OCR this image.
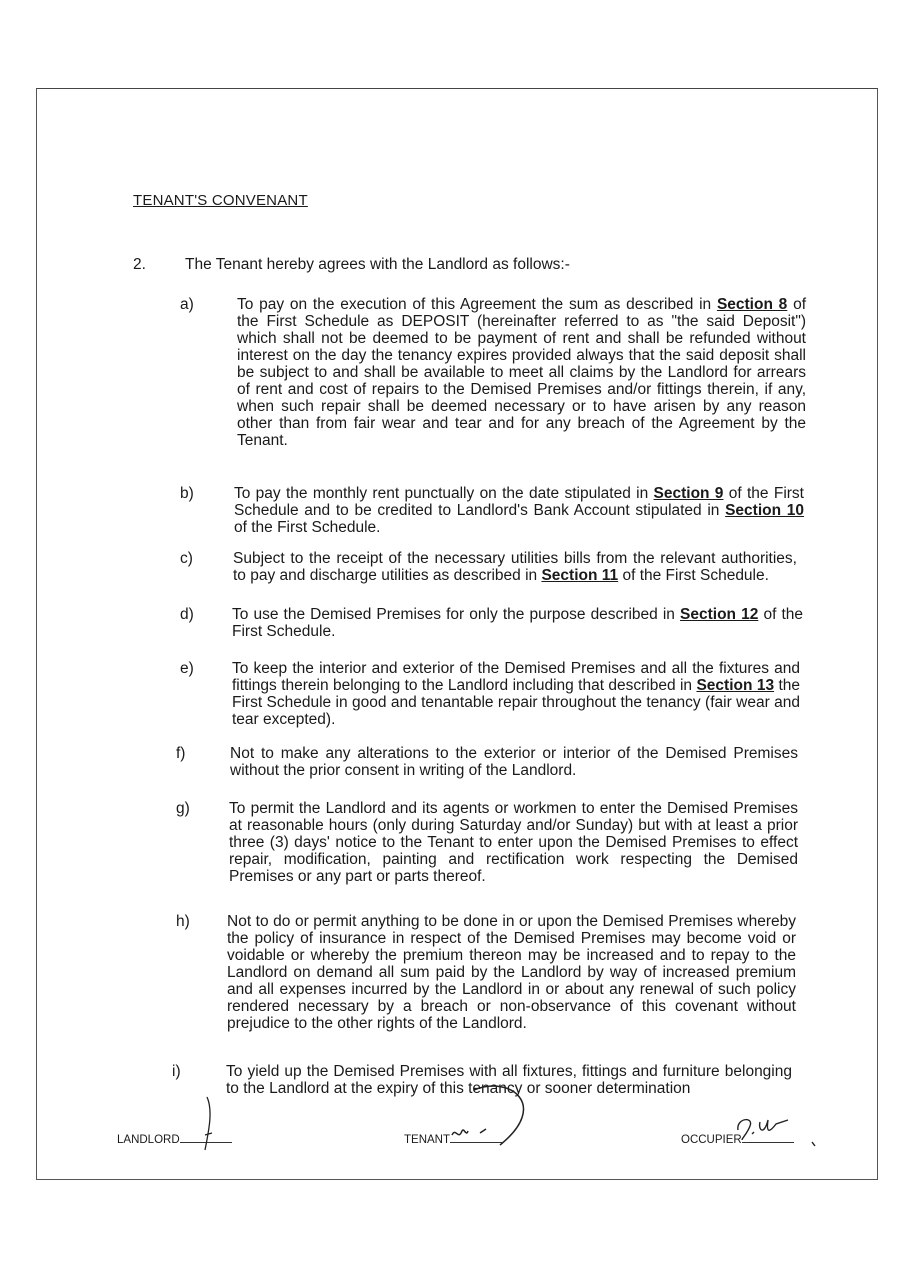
TENANT'S CONVENANT
2.	The Tenant hereby agrees with the Landlord as follows:-
a)	To pay on the execution of this Agreement the sum as described in Section 8 of the First Schedule as DEPOSIT (hereinafter referred to as "the said Deposit") which shall not be deemed to be payment of rent and shall be refunded without interest on the day the tenancy expires provided always that the said deposit shall be subject to and shall be available to meet all claims by the Landlord for arrears of rent and cost of repairs to the Demised Premises and/or fittings therein, if any, when such repair shall be deemed necessary or to have arisen by any reason other than from fair wear and tear and for any breach of the Agreement by the Tenant.
b)	To pay the monthly rent punctually on the date stipulated in Section 9 of the First Schedule and to be credited to Landlord's Bank Account stipulated in Section 10 of the First Schedule.
c)	Subject to the receipt of the necessary utilities bills from the relevant authorities, to pay and discharge utilities as described in Section 11 of the First Schedule.
d) To use the Demised Premises for only the purpose described in Section 12 of the First Schedule.
e) To keep the interior and exterior of the Demised Premises and all the fixtures and fittings therein belonging to the Landlord including that described in Section 13 the First Schedule in good and tenantable repair throughout the tenancy (fair wear and tear excepted).
f)	Not to make any alterations to the exterior or interior of the Demised Premises without the prior consent in writing of the Landlord.
g)	To permit the Landlord and its agents or workmen to enter the Demised Premises at reasonable hours (only during Saturday and/or Sunday) but with at least a prior three (3) days' notice to the Tenant to enter upon the Demised Premises to effect repair, modification, painting and rectification work respecting the Demised Premises or any part or parts thereof.
h) Not to do or permit anything to be done in or upon the Demised Premises whereby the policy of insurance in respect of the Demised Premises may become void or voidable or whereby the premium thereon may be increased and to repay to the Landlord on demand all sum paid by the Landlord by way of increased premium and all expenses incurred by the Landlord in or about any renewal of such policy rendered necessary by a breach or non-observance of this covenant without prejudice to the other rights of the Landlord.
i)	To yield up the Demised Premises with all fixtures, fittings and furniture belonging to the Landlord at the expiry of this tenancy or sooner determination
LANDLORD	TENANT	OCCUPIER
